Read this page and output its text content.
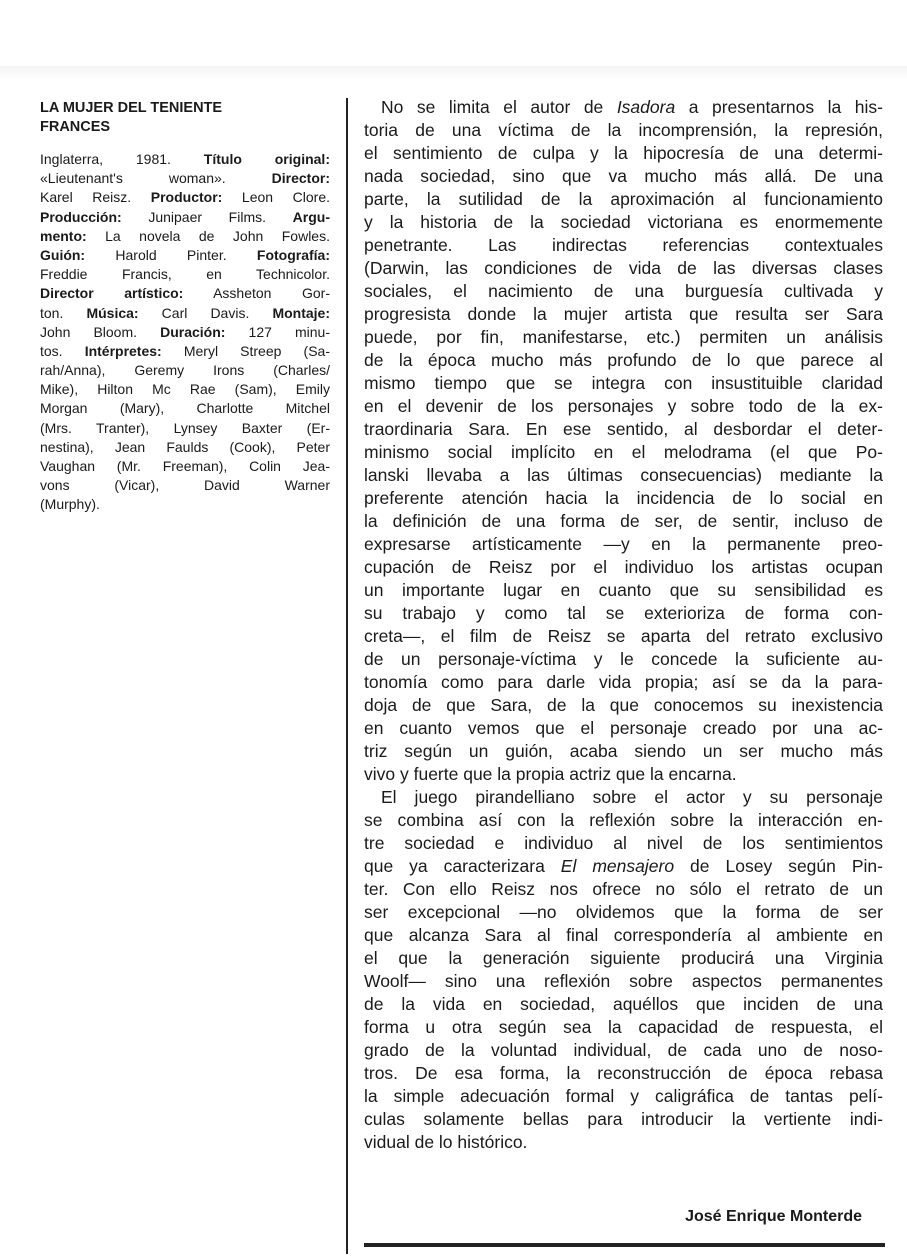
LA MUJER DEL TENIENTE
FRANCES
Inglaterra, 1981. Título original:
«Lieutenant's woman». Director:
Karel Reisz. Productor: Leon Clore.
Producción: Junipaer Films. Argu-
mento: La novela de John Fowles.
Guión: Harold Pinter. Fotografía:
Freddie Francis, en Technicolor.
Director artístico: Assheton Gor-
ton. Música: Carl Davis. Montaje:
John Bloom. Duración: 127 minu-
tos. Intérpretes: Meryl Streep (Sa-
rah/Anna), Geremy Irons (Charles/
Mike), Hilton Mc Rae (Sam), Emily
Morgan (Mary), Charlotte Mitchel
(Mrs. Tranter), Lynsey Baxter (Er-
nestina), Jean Faulds (Cook), Peter
Vaughan (Mr. Freeman), Colin Jea-
vons (Vicar), David Warner
(Murphy).
No se limita el autor de Isadora a presentarnos la his-
toria de una víctima de la incomprensión, la represión,
el sentimiento de culpa y la hipocresía de una determi-
nada sociedad, sino que va mucho más allá. De una
parte, la sutilidad de la aproximación al funcionamiento
y la historia de la sociedad victoriana es enormemente
penetrante. Las indirectas referencias contextuales
(Darwin, las condiciones de vida de las diversas clases
sociales, el nacimiento de una burguesía cultivada y
progresista donde la mujer artista que resulta ser Sara
puede, por fin, manifestarse, etc.) permiten un análisis
de la época mucho más profundo de lo que parece al
mismo tiempo que se integra con insustituible claridad
en el devenir de los personajes y sobre todo de la ex-
traordinaria Sara. En ese sentido, al desbordar el deter-
minismo social implícito en el melodrama (el que Po-
lanski llevaba a las últimas consecuencias) mediante la
preferente atención hacia la incidencia de lo social en
la definición de una forma de ser, de sentir, incluso de
expresarse artísticamente —y en la permanente preo-
cupación de Reisz por el individuo los artistas ocupan
un importante lugar en cuanto que su sensibilidad es
su trabajo y como tal se exterioriza de forma con-
creta—, el film de Reisz se aparta del retrato exclusivo
de un personaje-víctima y le concede la suficiente au-
tonomía como para darle vida propia; así se da la para-
doja de que Sara, de la que conocemos su inexistencia
en cuanto vemos que el personaje creado por una ac-
triz según un guión, acaba siendo un ser mucho más
vivo y fuerte que la propia actriz que la encarna.
El juego pirandelliano sobre el actor y su personaje
se combina así con la reflexión sobre la interacción en-
tre sociedad e individuo al nivel de los sentimientos
que ya caracterizara El mensajero de Losey según Pin-
ter. Con ello Reisz nos ofrece no sólo el retrato de un
ser excepcional —no olvidemos que la forma de ser
que alcanza Sara al final correspondería al ambiente en
el que la generación siguiente producirá una Virginia
Woolf— sino una reflexión sobre aspectos permanentes
de la vida en sociedad, aquéllos que inciden de una
forma u otra según sea la capacidad de respuesta, el
grado de la voluntad individual, de cada uno de noso-
tros. De esa forma, la reconstrucción de época rebasa
la simple adecuación formal y caligráfica de tantas pelí-
culas solamente bellas para introducir la vertiente indi-
vidual de lo histórico.
José Enrique Monterde
